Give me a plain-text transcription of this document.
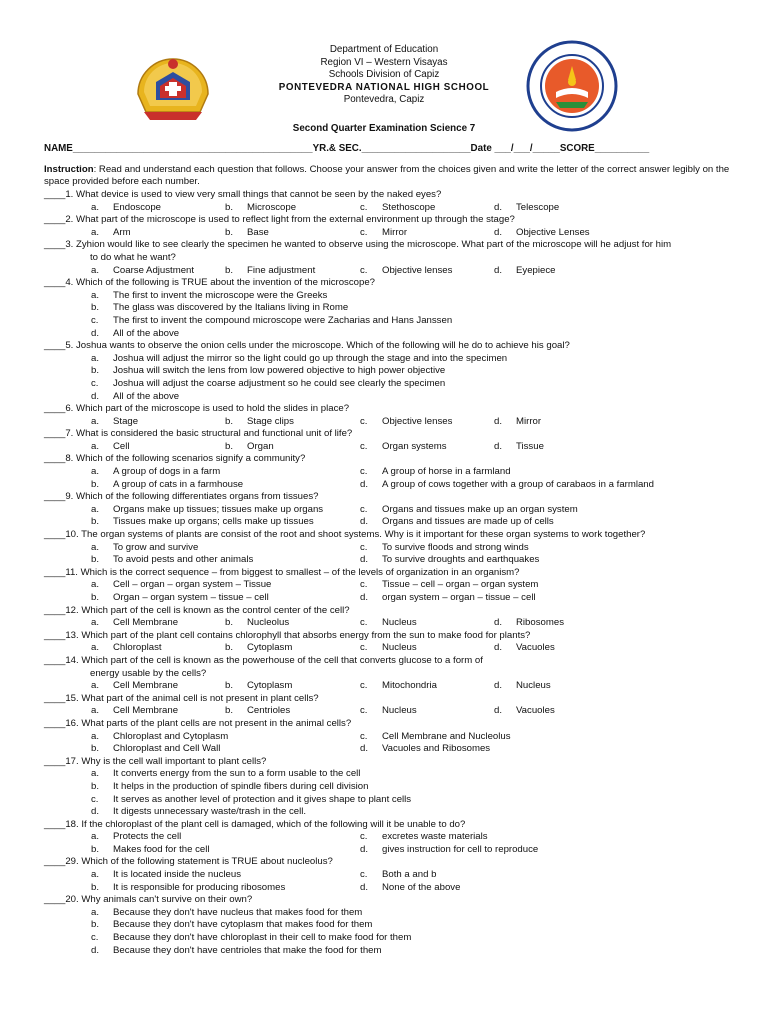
Department of Education
Region VI – Western Visayas
Schools Division of Capiz
PONTEVEDRA NATIONAL HIGH SCHOOL
Pontevedra, Capiz
Second Quarter Examination Science 7
NAME____________________________________________YR.& SEC.____________________Date ___/___/_____SCORE__________
Instruction: Read and understand each question that follows. Choose your answer from the choices given and write the letter of the correct answer legibly on the space provided before each number.
____1. What device is used to view very small things that cannot be seen by the naked eyes?
a. Endoscope	b. Microscope	c. Stethoscope	d. Telescope
____2. What part of the microscope is used to reflect light from the external environment up through the stage?
a. Arm	b. Base	c. Mirror	d. Objective Lenses
____3. Zyhion would like to see clearly the specimen he wanted to observe using the microscope. What part of the microscope will he adjust for him
to do what he want?
a. Coarse Adjustment	b. Fine adjustment	c. Objective lenses	d. Eyepiece
____4. Which of the following is TRUE about the invention of the microscope?
a. The first to invent the microscope were the Greeks
b. The glass was discovered by the Italians living in Rome
c. The first to invent the compound microscope were Zacharias and Hans Janssen
d. All of the above
____5. Joshua wants to observe the onion cells under the microscope. Which of the following will he do to achieve his goal?
a. Joshua will adjust the mirror so the light could go up through the stage and into the specimen
b. Joshua will switch the lens from low powered objective to high power objective
c. Joshua will adjust the coarse adjustment so he could see clearly the specimen
d. All of the above
____6. Which part of the microscope is used to hold the slides in place?
a. Stage	b. Stage clips	c. Objective lenses	d. Mirror
____7. What is considered the basic structural and functional unit of life?
a. Cell	b. Organ	c. Organ systems	d. Tissue
____8. Which of the following scenarios signify a community?
a. A group of dogs in a farm	c. A group of horse in a farmland
b. A group of cats in a farmhouse	d. A group of cows together with a group of carabaos in a farmland
____9. Which of the following differentiates organs from tissues?
a. Organs make up tissues; tissues make up organs	c. Organs and tissues make up an organ system
b. Tissues make up organs; cells make up tissues	d. Organs and tissues are made up of cells
____10. The organ systems of plants are consist of the root and shoot systems. Why is it important for these organ systems to work together?
a. To grow and survive	c. To survive floods and strong winds
b. To avoid pests and other animals	d. To survive droughts and earthquakes
____11. Which is the correct sequence – from biggest to smallest – of the levels of organization in an organism?
a. Cell – organ – organ system – Tissue	c. Tissue – cell – organ – organ system
b. Organ – organ system – tissue – cell	d. organ system – organ – tissue – cell
____12. Which part of the cell is known as the control center of the cell?
a. Cell Membrane	b. Nucleolus	c. Nucleus	d. Ribosomes
____13. Which part of the plant cell contains chlorophyll that absorbs energy from the sun to make food for plants?
a. Chloroplast	b. Cytoplasm	c. Nucleus	d. Vacuoles
____14. Which part of the cell is known as the powerhouse of the cell that converts glucose to a form of
energy usable by the cells?
a. Cell Membrane	b. Cytoplasm	c. Mitochondria	d. Nucleus
____15. What part of the animal cell is not present in plant cells?
a. Cell Membrane	b. Centrioles	c. Nucleus	d. Vacuoles
____16. What parts of the plant cells are not present in the animal cells?
a. Chloroplast and Cytoplasm	c. Cell Membrane and Nucleolus
b. Chloroplast and Cell Wall	d. Vacuoles and Ribosomes
____17. Why is the cell wall important to plant cells?
a. It converts energy from the sun to a form usable to the cell
b. It helps in the production of spindle fibers during cell division
c. It serves as another level of protection and it gives shape to plant cells
d. It digests unnecessary waste/trash in the cell.
____18. If the chloroplast of the plant cell is damaged, which of the following will it be unable to do?
a. Protects the cell	c. excretes waste materials
b. Makes food for the cell	d. gives instruction for cell to reproduce
____29. Which of the following statement is TRUE about nucleolus?
a. It is located inside the nucleus	c. Both a and b
b. It is responsible for producing ribosomes	d. None of the above
____20. Why animals can't survive on their own?
a. Because they don't have nucleus that makes food for them
b. Because they don't have cytoplasm that makes food for them
c. Because they don't have chloroplast in their cell to make food for them
d. Because they don't have centrioles that make the food for them
